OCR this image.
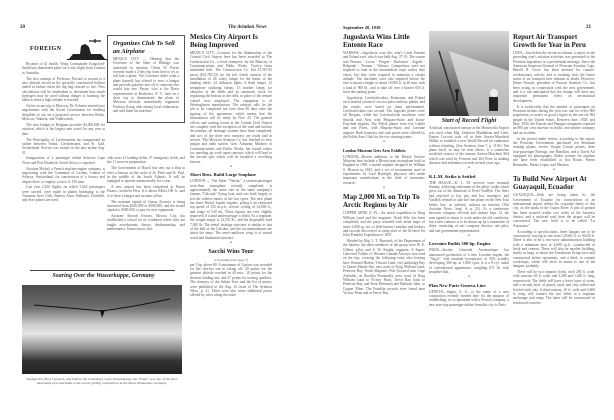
20	The Aviation News
FOREIGN

Because of ill health, Wing Commander Kingsford-Smith has abandoned plans for a solo flight from London to Australia.

The first attempt of Professor Piccard to ascend to a new altitude record in his specially constructed balloon ended in failure when the big bag refused to rise. New calculations will be undertaken to determine how much hydrogen may be used without danger of bursting the balloon when a high altitude is reached.

On his recent trip to Moscow, Dr. Eckener entered into negotiations with the Soviet Government for building dirigibles to use on a proposed service between Berlin, Moscow, Yakutsk, and Vladivostok.

The new budget of Belgium provides $2,000,000 for aviation, which is the largest sum voted for any year to date.

The Principality of Liechtenstein has inaugurated an airline between Vaduz, Liechtenstein, and St. Gall, Switzerland. Service was started on the new airline Aug. 31.

Inauguration of a passenger airline between Cape Town and Port Elizabeth, South Africa, is reported.

Aviation Michel, a French airplane engine company, is negotiating with the Commune of Lachen, Canton of Schwyz, Switzerland, for construction of a factory and airport there, to employ a force of 150 men.

Last year 2,250 flights, on which 5,662 passengers were carried, were made in planes belonging to the Tucuman Aero Club, Buenos Aires. Bellanca, Fairchild, and Avro planes are used.

Organizes Club To Sell an Airplane

MEXICO CITY — Hearing that the Governor of the State of Hidalgo was interested in aviation, Glenn W. Payne recently made a 2-day trip from here to try to sell him a plane. The Governor didn't want a plane himself, but offered to erect a hangar and provide gasoline and oil if someone else would buy one. Payne, who is the Davis representative in Rochester, N. Y., here on a short trip to demonstrate the plane to Mexican officials, immediately organized Pachuca flying club among local enthusiasts, and sold them his machine.

club owns 21 landing fields, 47 emergency fields, and has 11 more in preparation.

The Government of Brazil has sent out a ship to erect a beacon on the rocks of St. Peter and St. Paul, in the middle of the South Atlantic. It will be equipped to operate automatically for a year.

A new airport has been completed at Puerto Pizarro, northern Peru. It is about 640x2,100 ft., and is to have a hangar and customs office.

The nominal capital of Genoa Airways is being increased from $250,000 to $500,000, and the issued capital to $300,000, to pay for new equipment.

Azcarate Aircraft Factory, Mexico City, has established a school for its workmen where they are taught aerodynamic theory, draftsmanship, and mathematics. Instruction is free.

Mexico City Airport Is Being Improved

MEXICO CITY—Contract for the illumination of the Central Civil Airport here has been awarded to The Construction Co., a local enterprise, by the Ministry of Communications and Public Works. Twelve firms submitted bids. The Construction Co. bid 47,567.05 pesos ($23,783.53) for the job, which consists of the installation of 26 safety lamps for the limits of the landing fields; 24 diffusion lights; 8 flash lamps; 12 semaphore outlining lamps; 13 marker lamps for obstacles in the fields and an automatic clock for regulating the beacon in the field, in place of the remote control now employed. The equipment is of Westinghouse manufacture. The contract calls for the job to be completed not later than 90 days after the signing of the agreement, which means that the illumination will be ready by Nov. 25. The general offices and waiting rooms at the Central Civil Airport are complete with the exception of the road and interior decorations, all drainage systems have been completed, and two of the three new runways are ready and in service. The Mexican Aviation Co. has finished its new hangar and radio station. Gen. Almazan, Minister of Communications and Public Works, has issued orders for speeding up work upon runways which will lead to the second spot which will be installed a revolving beacon.

•
Short Bros. Build Large Seaplane

LONDON — The Short "Valetta," a sixteen-passenger twin-float monoplane recently completed, is approximately the same size as the same company's famous "Calcutta" flying boat, and was built largely to test the relative merits of the two types. The new plane has three Bristol Jupiter engines, giving it an estimated top speed of 135 m.p.h., service ceiling of 14,000 ft., and range of 520 mi. These figures are very slightly improved if a land undercarriage is fitted. As a seaplane, the weight empty is 14,535 lb., and the disposable load 7,965 lb. The metal fuselage structure is similar to that of the hull of the Calcutta, and the accommodations are about the same. The semi-cantilever wing is of mixed wood and duralumin structure.

•
Sacchi Wins Tour
(Concluded from page 7)

per 5 hp. above 80. A maximum of 3 points was awarded for the shortest run in taking off, 20 points for the greatest altitude reached in 40 min., 10 points for the shortest landing run, and 27 points for touring qualities. The itinerary of the Italian Tour, and the list of prizes, were published in the Aug. 23 issue of The Aviation News, p. 21. There were also some additional prizes offered by cities along the route.

Soaring Over the Wasserkuppe, Germany
Designed by Herr Lippisch, and built in the workshops at the Wasserkuppe, the "Falke" was one of the most interesting new machines at the recent gliding competition in the Rhon Mountains, Germany.
September 20, 1930	21
Jugoslavia Wins Little Entente Race

WARSAW—Jugoslavia won this year's Little Entente and Poland race, which was held Aug. 27-31. The course was Warsaw - Lwow - Prague - Bucharest - Zagreb - Belgrade - Poznan - Warsaw. Competitors were not required to land at the intermediate stops unless they chose, but they were required to maintain a certain altitude. The machines were also required before the race to attain a height of about 16,000 ft. in 40 min. with a load of 900 lb., and to take off over a barrier 650 ft. from the starting point.

Jugoslavia, Czechoslovakia, Roumania, and Poland each entered a team of six two-place military planes, and the results were based on team performance. Czechoslovakia was second. The Jugoslav planes were all Breguet, while the Czechoslovak machines were Smolik and Avia with Hispano-Suiza and Isotta-Fraschini engines. The Polish planes were five Lublin and one Potez, with Hispano-Suiza and Lorraine engines. Both honorary and cash prizes were offered by the Polish Aero Club for the two winning teams.

•
London Museum Gets Aero Exhibits

LONDON—Recent additions to the British Science Museum here include a Bleriot-type monoplane built in England in 1909, a model airplane designed by William S. Henson in 1843, and a set of instruments used in experiments by Lord Rayleigh, physicist who made important contributions in the field of aeronautic research.

•
Map 2,000 Mi. on Trip To Arctic Regions by Air

COPPER MINE (C.P.)—An aerial expedition to King William Land and the magnetic North Pole has been completed, and the party returned with aerial maps of some 2,000 sq. mi. of little known coastline and harbors and records discovered at camp sites of the ill-fated Sir John Franklin Expedition of 1847.

Headed by Maj. L. T. Burwash, of the Department of the Interior, the other members of the group were W. E. Gilbert, pilot, and S. W. Knight, engineer. A Super-Universal Fokker of Western Canada Airways was used on the trip, covering the following route after leaving here: Bernard Harbor, Victoria Land, via Cambridge Bay to Queen Maude Sea, east coast of King William Land, Peterson Bay, North Magnetic Pole (located near Cape Adelaide, on Boothia Peninsula), west coast of King William Land to Victory Point, Terror Bay, back to Peterson Bay, and Kent Peninsula and Bathurst Inlet, to Copper Mine. The Franklin records were found near Victory Point and at Terror Bay.

Start of Record Flight

Artificial constructed runway at the Montecelio Airport was used when Maj. Umberto Maddalena and Lieut. Fausto Cecconi took off in their Savoia-Marchetti S64bis to establish a new World Record for endurance without refueling. (See Aviation, June 7, p. 1136). The plane itself, as may be seen above, is a somewhat modified version of the famous Savoia-Marchetti S64 which was used by Ferrarin and Del Prete in making distance and endurance records several years ago.

•
K.L.M. Strike is Settled

THE HAGUE—K. L. M. services were resumed Sunday, following settlement of the pilots' strike which grew out of the dismissal of Evert VanDyk. The fliers had objected to low pay and low insurance, and VanDyk refused to take the first plane on the New East Indies line, as ordered, without an increase (The Aviation News, Sept. 6, p. 21). At a conference between company officials and strikers Sept. 13, the men agreed to return to work under the old conditions, but a new contract is to be drawn up by a committee of three, consisting of one company director, one pilot, and one government representative.

•
Lorraine Builds 300 hp. Engine

PARIS—Societe Generale Aeronautique has announced production of a new Lorraine engine, the "Algol," with nominal horsepower of 300, actually developing 360 hp. at 1,800 r.p.m. It is a 9-cyl. radial of conventional appearance, weighing 671 lb. with propeller hub.

•
Plan New Paris-Geneva Line

GENEVA—Sagita, S. A., is the name of a new corporation recently formed here for the purpose of establishing, in co-operation with a French company, a new non-stop passenger airline from this city to Paris.

Report Air Transport Growth for Year in Peru

LIMA—Just before the recent revolution, a report on the preceding year's aviation activities was presented to the Peruvian legislature in a presidential message. Since the American Inspector-General of Peruvian Aviation, Capt. Harold R. Grow, has been arrested for counter-revolutionary activity and is awaiting trial, the future status of air transport here remains in doubt. However, Elmer Faucett, president of Faucett Aviation Co., has been acting in cooperation with the new government, and it is not anticipated that the change will have any important permanent effect on aeronautical development.

It is noteworthy that the number of passengers on Peruvian airlines during the year was one for every 800 population, or nearly as good a figure as the one for 692 people in the United States. Between June, 1929, and May, 1930, the Faucett and Panagra companies reported an 800 per cent increase in traffic, and neither company had an accident.

In the period under review, according to the report, the Peruvian Government purchased ten Stearman training planes, twelve Vought Corsair planes, three four-passenger Boeings, one Hamilton, and a Travel Air equipped for photography. Radio stations for airplane use have been established at Iros Rosas, Puerto Bermudez, Puerto Lopez, and Masisea.

•
To Build New Airport At Guayaquil, Ecuador

GUAYAQUIL—Bids are being taken by the Government of Ecuador for construction of an international airport within the corporate limits of this city, on the banks of the Guaya River. A plot of ground has been secured within two miles of the business district, and a surfaced road from the airport will be constructed. The new field is to be called "La Atarazana."

According to specifications, three hangars are to be constructed, varying in size from 125x82 ft. to 50x30 ft. There is also to be a two-story administration building with a minimum area of 4,600 sq.ft., constructed of brick and cement. There will also be another building, nearly as large, to house the Ecuadorian flying force and commercial airline operations, and a third, to contain workshops, which will serve as annex to one of the hangars, probably.

There will be two separate fields, each 200 ft. wide, with runways 65 ft. wide, and 3,280 and 1,640 ft. long, respectively. The fields will have a lower layer of stone, and a second layer of gravel, sand, and clay, rolled and leveled with clay. A third runway, 16 ft. wide and 2,600 ft. long, will connect the two fields to a seaplane anchorage and ramp. The latter will be constructed of reinforced concrete.
